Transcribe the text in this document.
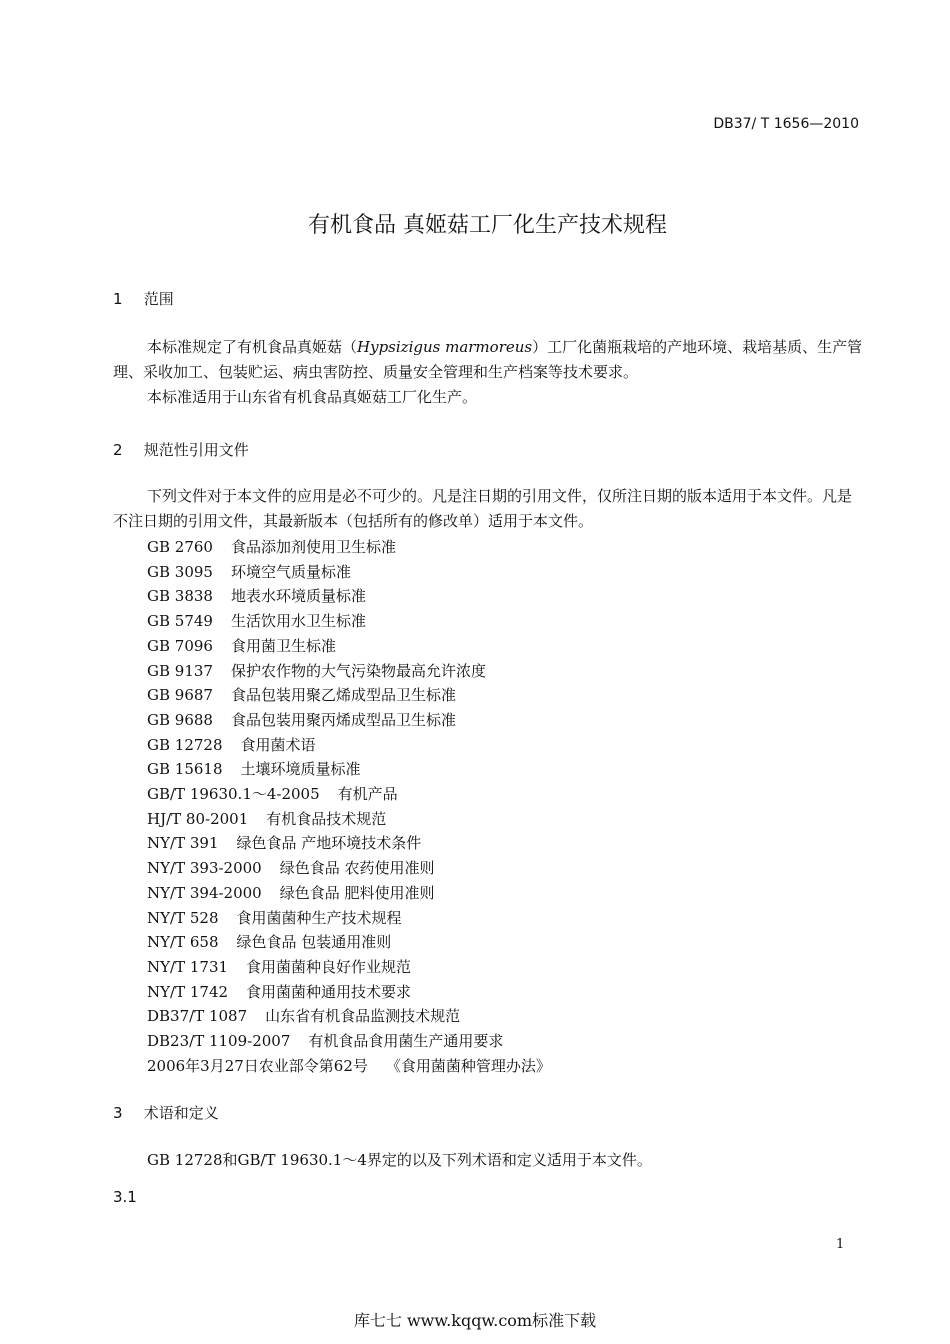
DB37/ T 1656—2010
有机食品 真姬菇工厂化生产技术规程
1 范围
本标准规定了有机食品真姬菇（Hypsizigus marmoreus）工厂化菌瓶栽培的产地环境、栽培基质、生产管理、采收加工、包装贮运、病虫害防控、质量安全管理和生产档案等技术要求。
本标准适用于山东省有机食品真姬菇工厂化生产。
2 规范性引用文件
下列文件对于本文件的应用是必不可少的。凡是注日期的引用文件，仅所注日期的版本适用于本文件。凡是不注日期的引用文件，其最新版本（包括所有的修改单）适用于本文件。
GB 2760 食品添加剂使用卫生标准
GB 3095 环境空气质量标准
GB 3838 地表水环境质量标准
GB 5749 生活饮用水卫生标准
GB 7096 食用菌卫生标准
GB 9137 保护农作物的大气污染物最高允许浓度
GB 9687 食品包装用聚乙烯成型品卫生标准
GB 9688 食品包装用聚丙烯成型品卫生标准
GB 12728 食用菌术语
GB 15618 土壤环境质量标准
GB/T 19630.1～4-2005 有机产品
HJ/T 80-2001 有机食品技术规范
NY/T 391 绿色食品 产地环境技术条件
NY/T 393-2000 绿色食品 农药使用准则
NY/T 394-2000 绿色食品 肥料使用准则
NY/T 528 食用菌菌种生产技术规程
NY/T 658 绿色食品 包装通用准则
NY/T 1731 食用菌菌种良好作业规范
NY/T 1742 食用菌菌种通用技术要求
DB37/T 1087 山东省有机食品监测技术规范
DB23/T 1109-2007 有机食品食用菌生产通用要求
2006年3月27日农业部令第62号 《食用菌菌种管理办法》
3 术语和定义
GB 12728和GB/T 19630.1～4界定的以及下列术语和定义适用于本文件。
3.1
1
库七七 www.kqqw.com标准下载
